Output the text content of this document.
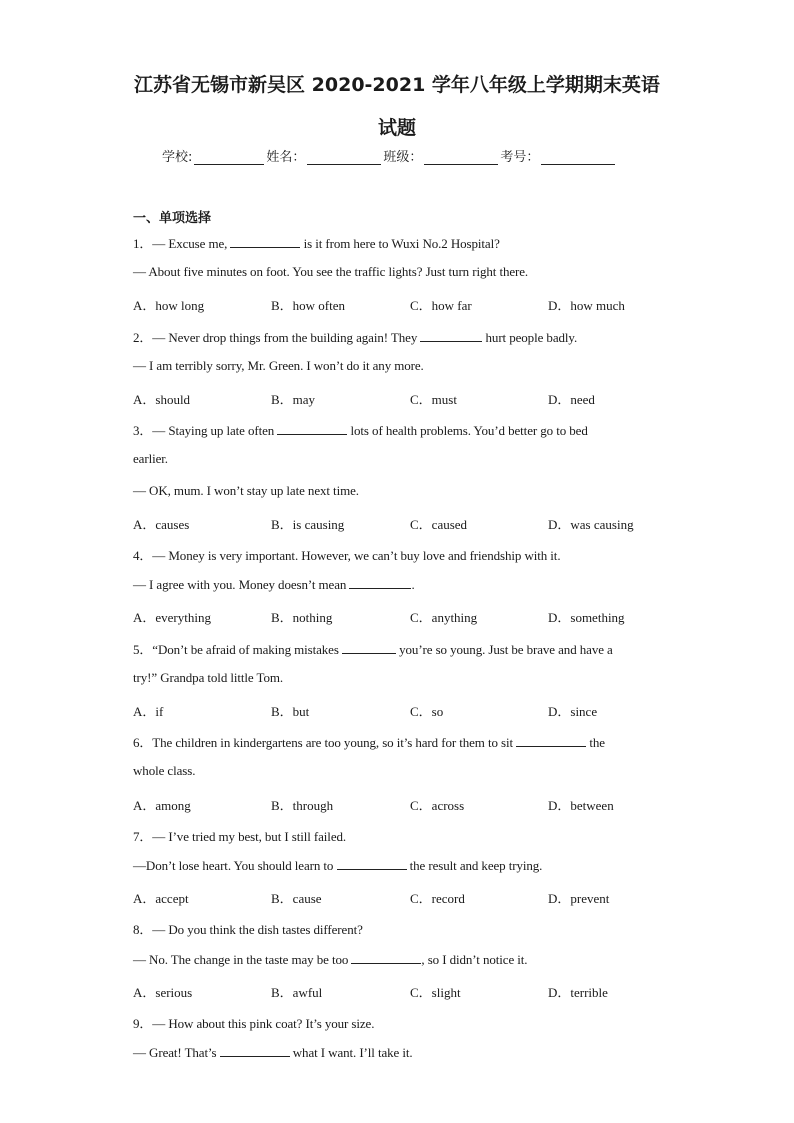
江苏省无锡市新吴区 2020-2021 学年八年级上学期期末英语
试题
学校:	姓名：	班级：	考号：
一、单项选择
1．— Excuse me,	is it from here to Wuxi No.2 Hospital?
— About five minutes on foot. You see the traffic lights? Just turn right there.
A．how long	B．how often	C．how far	D．how much
2．— Never drop things from the building again! They	hurt people badly.
— I am terribly sorry, Mr. Green. I won’t do it any more.
A．should	B．may	C．must	D．need
3．— Staying up late often	lots of health problems. You’d better go to bed
earlier.
— OK, mum. I won’t stay up late next time.
A．causes	B．is causing	C．caused	D．was causing
4．— Money is very important. However, we can’t buy love and friendship with it.
— I agree with you. Money doesn’t mean	.
A．everything	B．nothing	C．anything	D．something
5．“Don’t be afraid of making mistakes	you’re so young. Just be brave and have a
try!” Grandpa told little Tom.
A．if	B．but	C．so	D．since
6．The children in kindergartens are too young, so it’s hard for them to sit	the
whole class.
A．among	B．through	C．across	D．between
7．— I’ve tried my best, but I still failed.
—Don’t lose heart. You should learn to	the result and keep trying.
A．accept	B．cause	C．record	D．prevent
8．— Do you think the dish tastes different?
— No. The change in the taste may be too	, so I didn’t notice it.
A．serious	B．awful	C．slight	D．terrible
9．— How about this pink coat? It’s your size.
— Great! That’s	what I want. I’ll take it.
